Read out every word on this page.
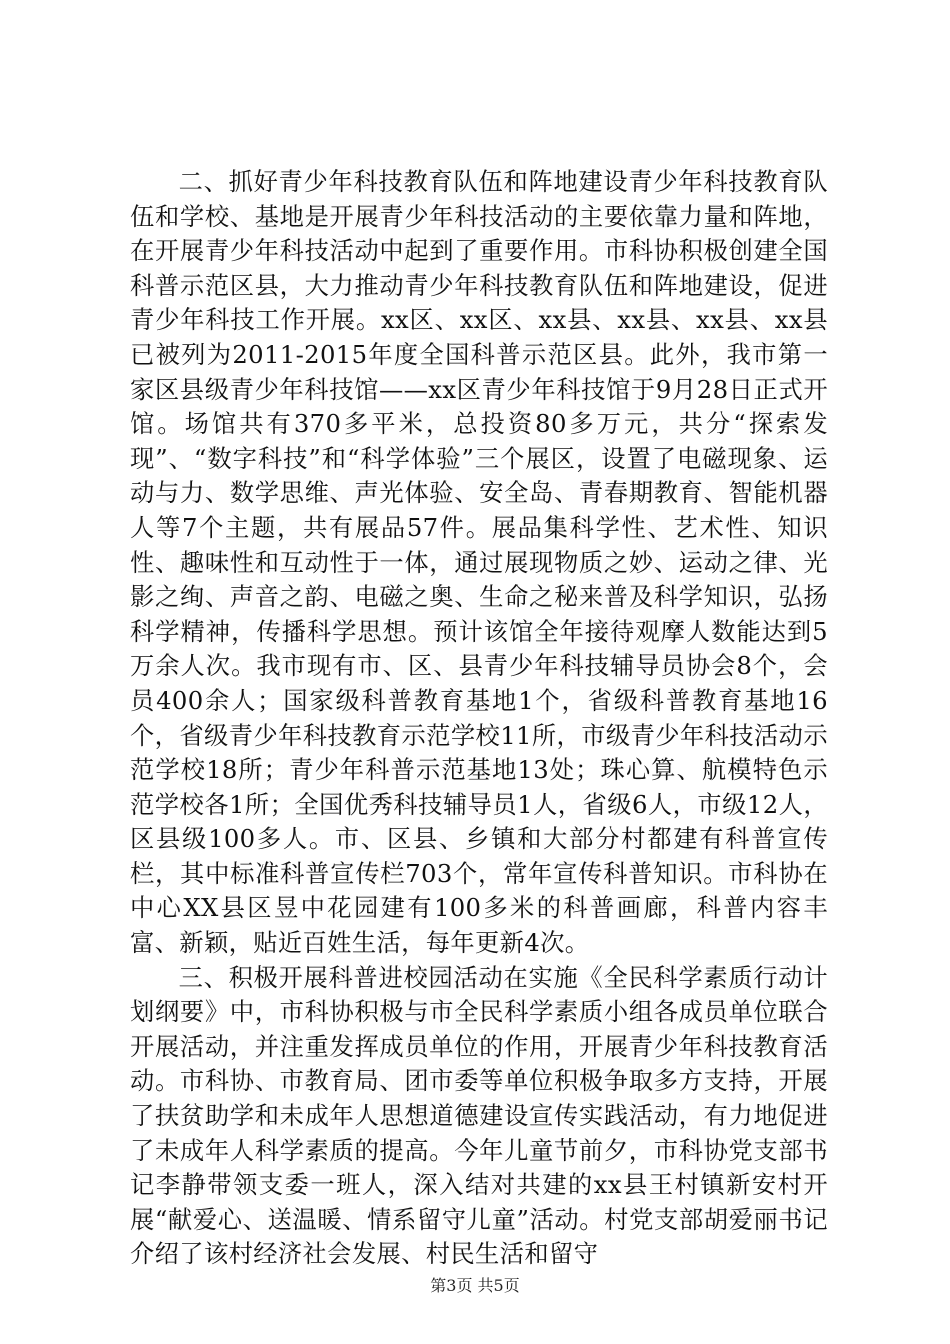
二、抓好青少年科技教育队伍和阵地建设青少年科技教育队伍和学校、基地是开展青少年科技活动的主要依靠力量和阵地，在开展青少年科技活动中起到了重要作用。市科协积极创建全国科普示范区县，大力推动青少年科技教育队伍和阵地建设，促进青少年科技工作开展。xx区、xx区、xx县、xx县、xx县、xx县已被列为2011-2015年度全国科普示范区县。此外，我市第一家区县级青少年科技馆——xx区青少年科技馆于9月28日正式开馆。场馆共有370多平米，总投资80多万元，共分“探索发现”、“数字科技”和“科学体验”三个展区，设置了电磁现象、运动与力、数学思维、声光体验、安全岛、青春期教育、智能机器人等7个主题，共有展品57件。展品集科学性、艺术性、知识性、趣味性和互动性于一体，通过展现物质之妙、运动之律、光影之绚、声音之韵、电磁之奥、生命之秘来普及科学知识，弘扬科学精神，传播科学思想。预计该馆全年接待观摩人数能达到5万余人次。我市现有市、区、县青少年科技辅导员协会8个，会员400余人；国家级科普教育基地1个，省级科普教育基地16个，省级青少年科技教育示范学校11所，市级青少年科技活动示范学校18所；青少年科普示范基地13处；珠心算、航模特色示范学校各1所；全国优秀科技辅导员1人，省级6人，市级12人，区县级100多人。市、区县、乡镇和大部分村都建有科普宣传栏，其中标准科普宣传栏703个，常年宣传科普知识。市科协在中心XX县区昱中花园建有100多米的科普画廊，科普内容丰富、新颖，贴近百姓生活，每年更新4次。

三、积极开展科普进校园活动在实施《全民科学素质行动计划纲要》中，市科协积极与市全民科学素质小组各成员单位联合开展活动，并注重发挥成员单位的作用，开展青少年科技教育活动。市科协、市教育局、团市委等单位积极争取多方支持，开展了扶贫助学和未成年人思想道德建设宣传实践活动，有力地促进了未成年人科学素质的提高。今年儿童节前夕，市科协党支部书记李静带领支委一班人，深入结对共建的xx县王村镇新安村开展“献爱心、送温暖、情系留守儿童”活动。村党支部胡爱丽书记介绍了该村经济社会发展、村民生活和留守

第3页 共5页
